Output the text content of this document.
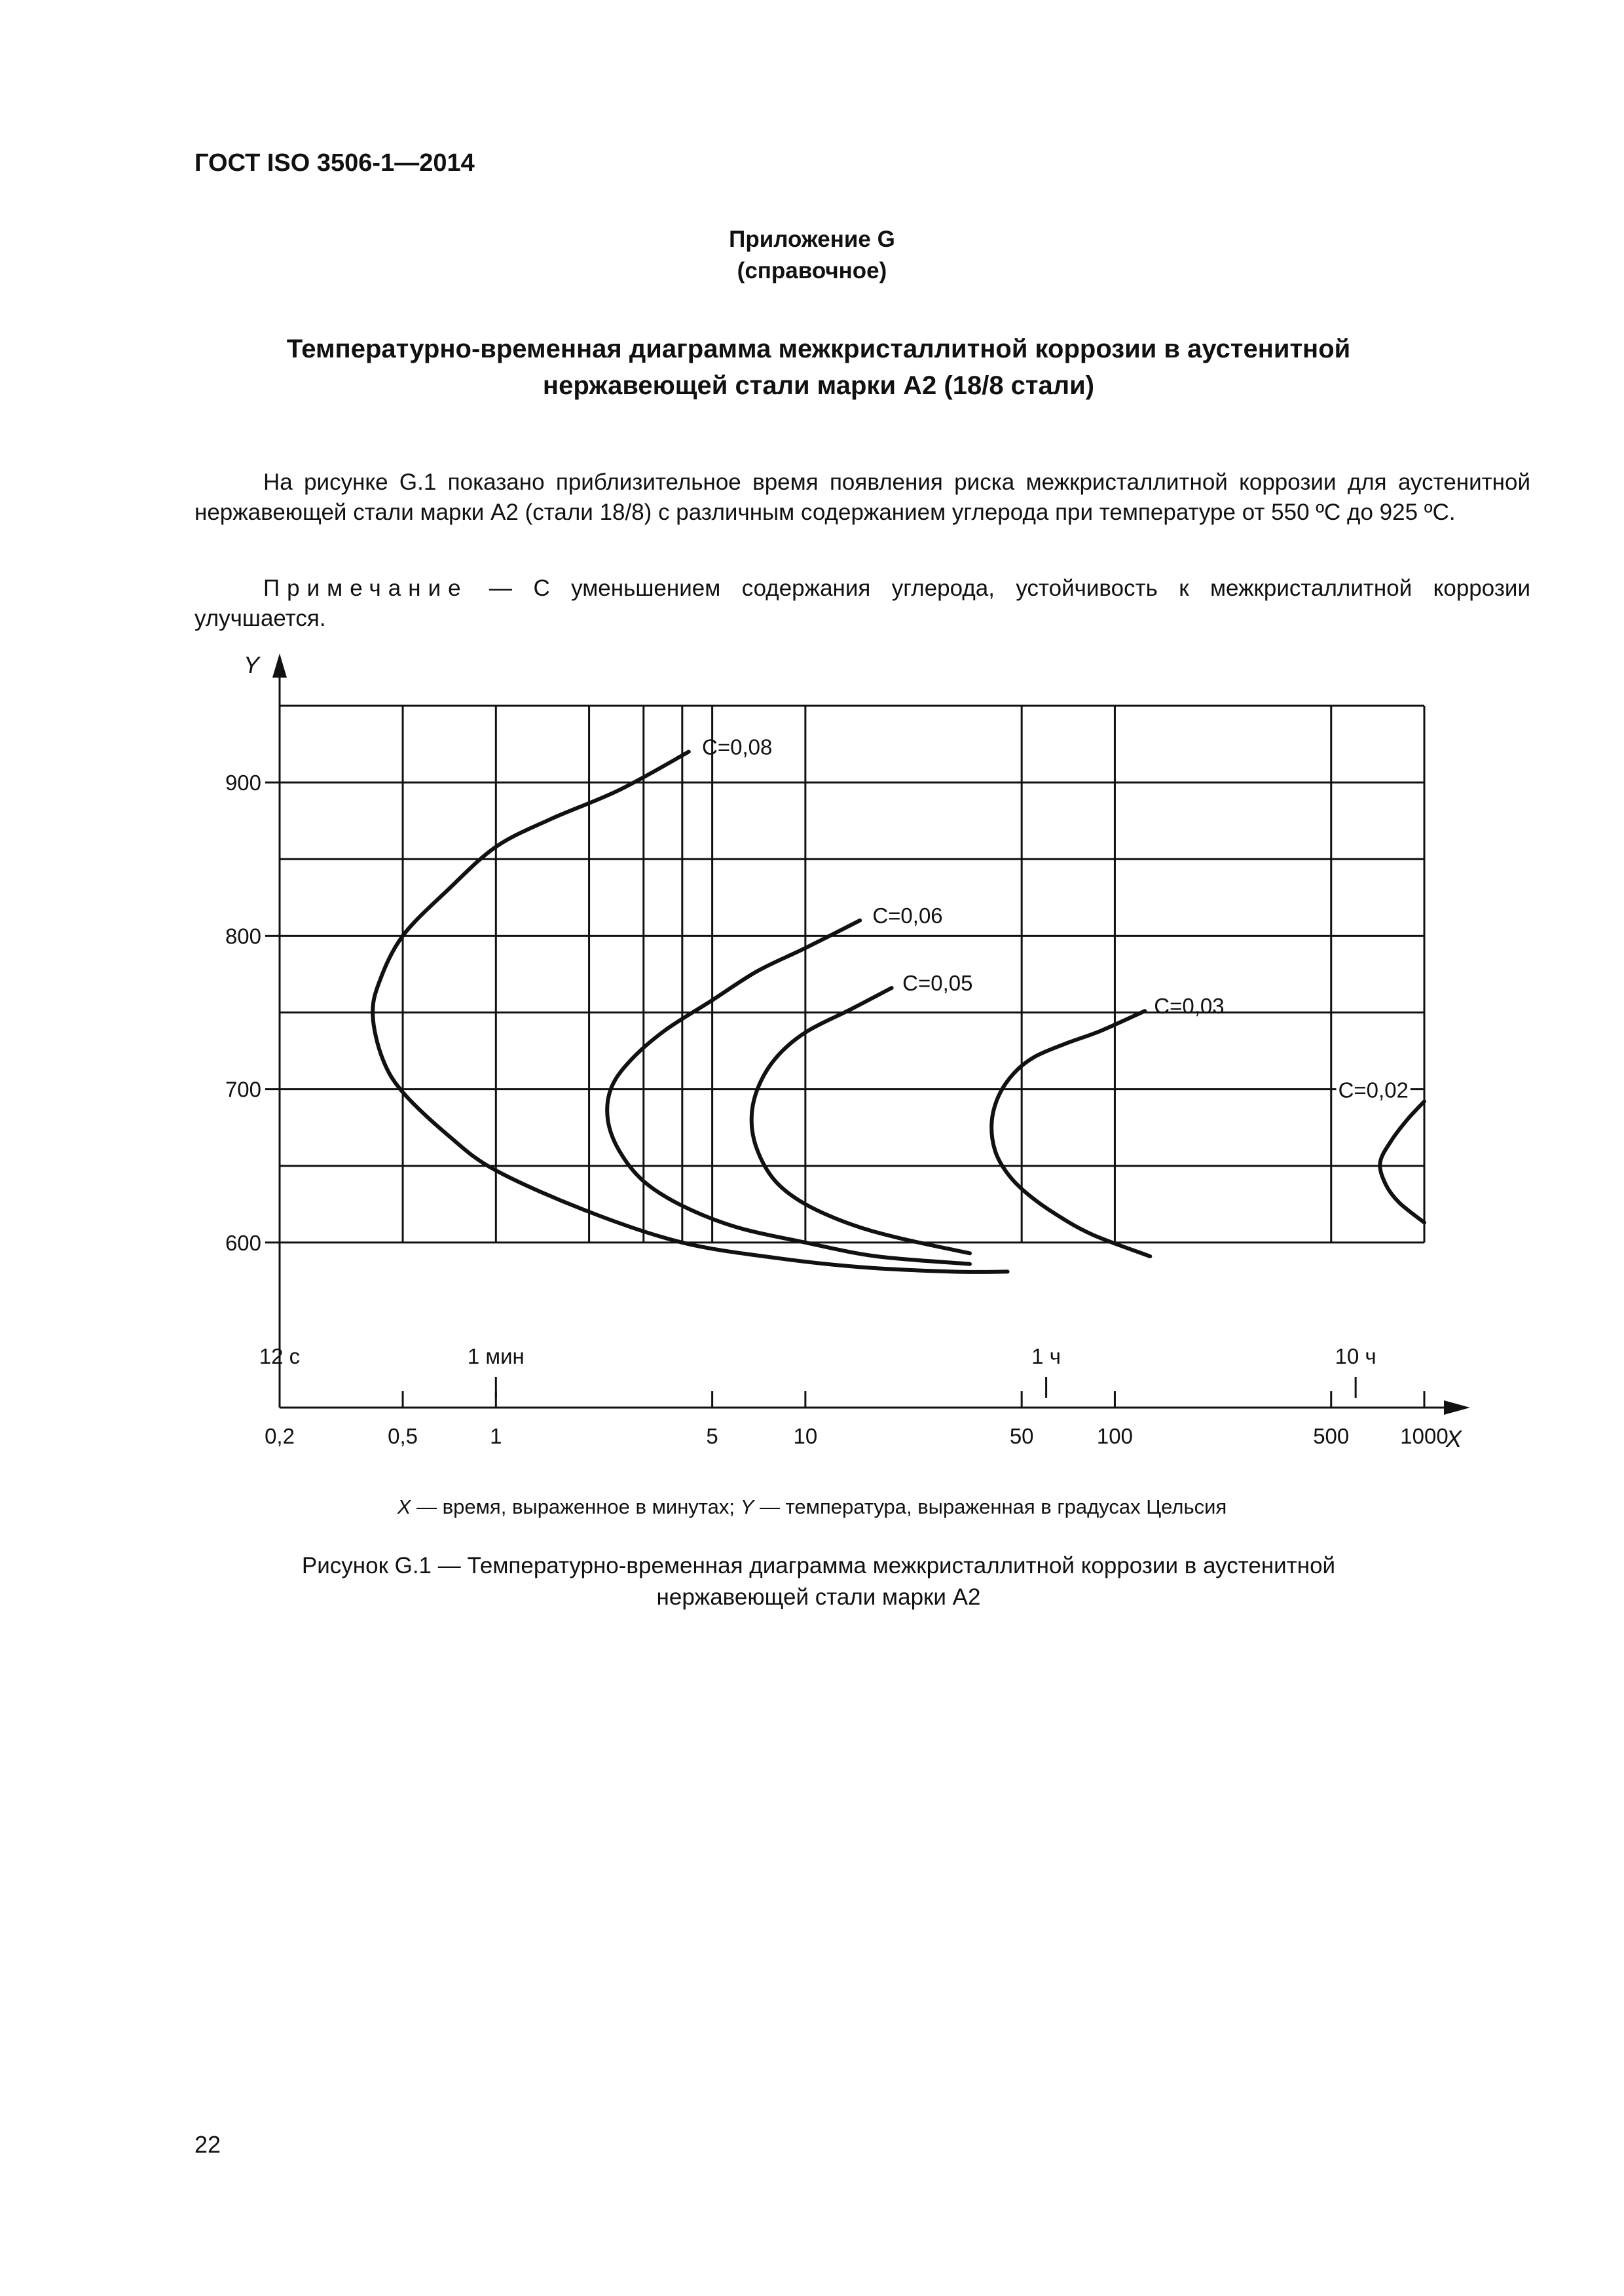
ГОСТ ISO 3506-1—2014
Приложение G
(справочное)
Температурно-временная диаграмма межкристаллитной коррозии в аустенитной
нержавеющей стали марки А2 (18/8 стали)
На рисунке G.1 показано приблизительное время появления риска межкристаллитной коррозии для аустенитной нержавеющей стали марки А2 (стали 18/8) с различным содержанием углерода при температуре от 550 ºC до 925 ºC.
Примечание — С уменьшением содержания углерода, устойчивость к межкристаллитной коррозии улучшается.
Y
X
600
700
800
900
0,2	0,5	1	5	10	50	100	500 1000
12 с	1 мин	1 ч	10 ч
C=0,08
C=0,06
C=0,05
C=0,03
C=0,02
X — время, выраженное в минутах; Y — температура, выраженная в градусах Цельсия
Рисунок G.1 — Температурно-временная диаграмма межкристаллитной коррозии в аустенитной
нержавеющей стали марки А2
22
